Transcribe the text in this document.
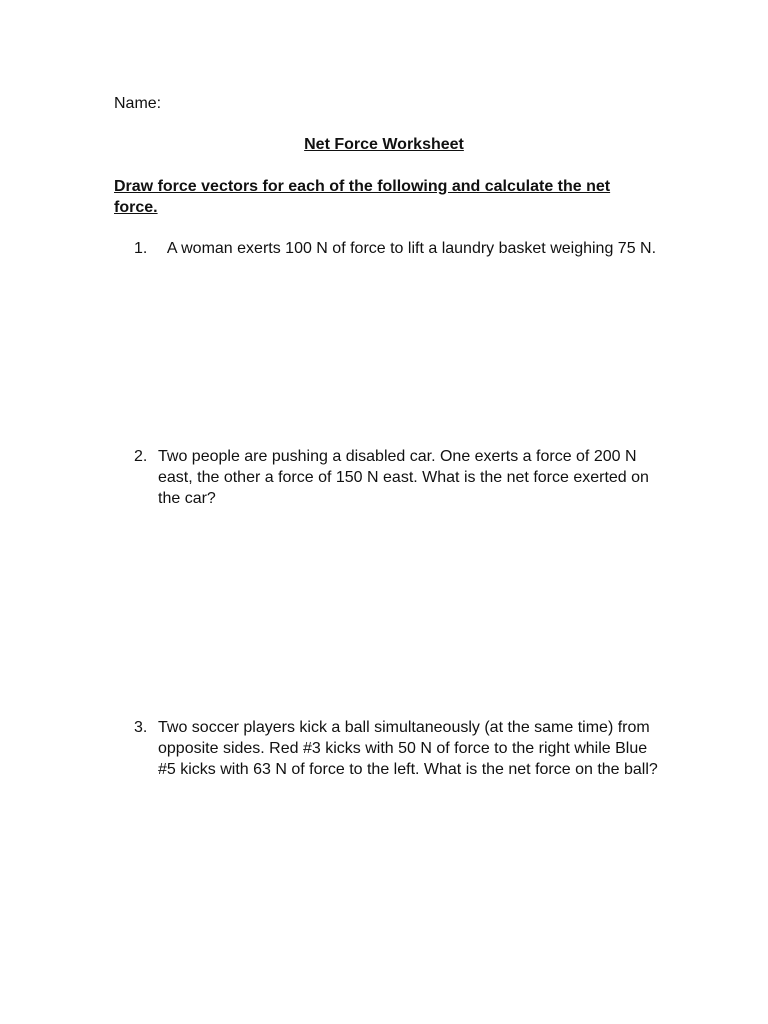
Name:
Net Force Worksheet
Draw force vectors for each of the following and calculate the net force.
1. A woman exerts 100 N of force to lift a laundry basket weighing 75 N.
2. Two people are pushing a disabled car. One exerts a force of 200 N east, the other a force of 150 N east. What is the net force exerted on the car?
3. Two soccer players kick a ball simultaneously (at the same time) from opposite sides. Red #3 kicks with 50 N of force to the right while Blue #5 kicks with 63 N of force to the left. What is the net force on the ball?
